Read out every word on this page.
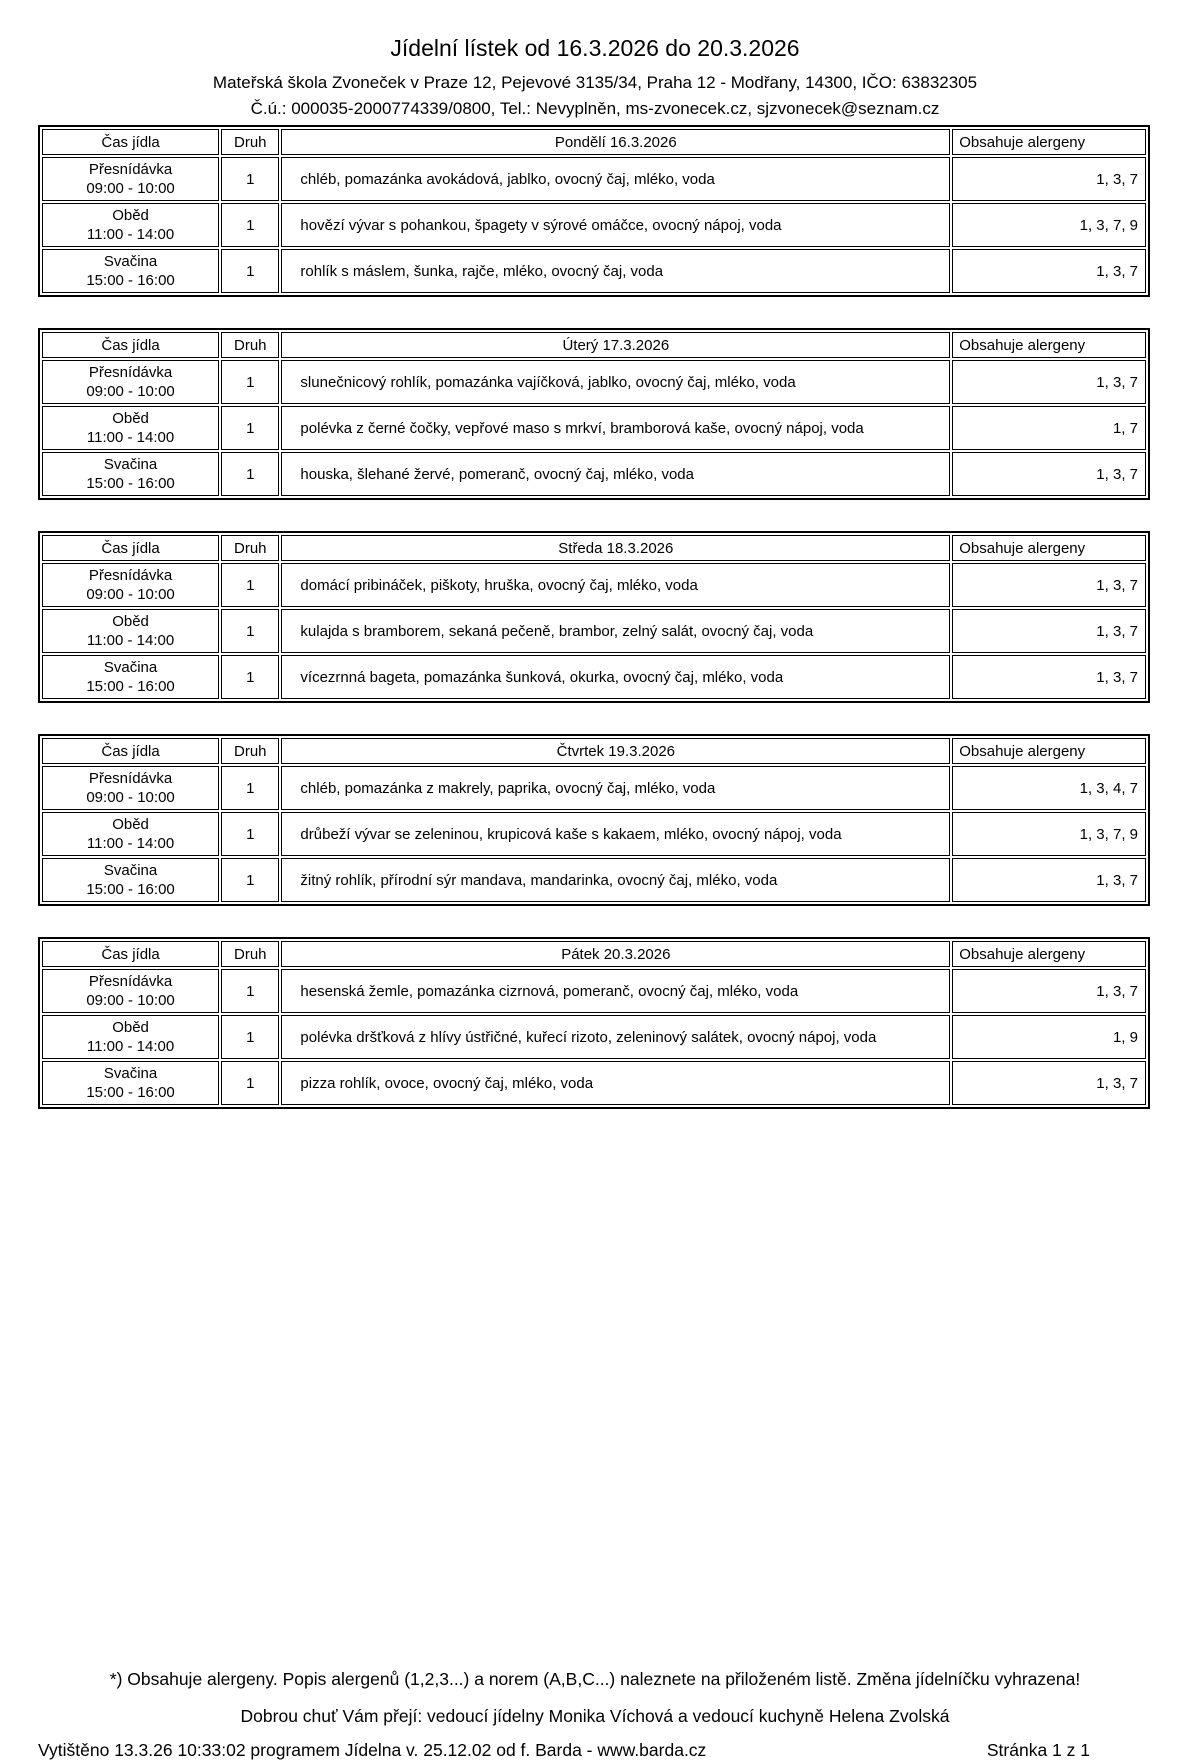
Jídelní lístek od 16.3.2026 do 20.3.2026

Mateřská škola Zvoneček v Praze 12, Pejevové 3135/34, Praha 12 - Modřany, 14300, IČO: 63832305

Č.ú.: 000035-2000774339/0800, Tel.: Nevyplněn, ms-zvonecek.cz, sjzvonecek@seznam.cz

Čas jídla	Druh	Pondělí 16.3.2026	Obsahuje alergeny

Přesnídávka
09:00 - 10:00	1	chléb, pomazánka avokádová, jablko, ovocný čaj, mléko, voda	1, 3, 7

Oběd
11:00 - 14:00	1	hovězí vývar s pohankou, špagety v sýrové omáčce, ovocný nápoj, voda	1, 3, 7, 9

Svačina
15:00 - 16:00	1	rohlík s máslem, šunka, rajče, mléko, ovocný čaj, voda	1, 3, 7
Čas jídla	Druh	Úterý 17.3.2026	Obsahuje alergeny

Přesnídávka
09:00 - 10:00	1	slunečnicový rohlík, pomazánka vajíčková, jablko, ovocný čaj, mléko, voda	1, 3, 7

Oběd
11:00 - 14:00	1	polévka z černé čočky, vepřové maso s mrkví, bramborová kaše, ovocný nápoj, voda	1, 7

Svačina
15:00 - 16:00	1	houska, šlehané žervé, pomeranč, ovocný čaj, mléko, voda	1, 3, 7
Čas jídla	Druh	Středa 18.3.2026	Obsahuje alergeny

Přesnídávka
09:00 - 10:00	1	domácí pribináček, piškoty, hruška, ovocný čaj, mléko, voda	1, 3, 7

Oběd
11:00 - 14:00	1	kulajda s bramborem, sekaná pečeně, brambor, zelný salát, ovocný čaj, voda	1, 3, 7

Svačina
15:00 - 16:00	1	vícezrnná bageta, pomazánka šunková, okurka, ovocný čaj, mléko, voda	1, 3, 7
Čas jídla	Druh	Čtvrtek 19.3.2026	Obsahuje alergeny

Přesnídávka
09:00 - 10:00	1	chléb, pomazánka z makrely, paprika, ovocný čaj, mléko, voda	1, 3, 4, 7

Oběd
11:00 - 14:00	1	drůbeží vývar se zeleninou, krupicová kaše s kakaem, mléko, ovocný nápoj, voda	1, 3, 7, 9

Svačina
15:00 - 16:00	1	žitný rohlík, přírodní sýr mandava, mandarinka, ovocný čaj, mléko, voda	1, 3, 7
Čas jídla	Druh	Pátek 20.3.2026	Obsahuje alergeny

Přesnídávka
09:00 - 10:00	1	hesenská žemle, pomazánka cizrnová, pomeranč, ovocný čaj, mléko, voda	1, 3, 7

Oběd
11:00 - 14:00	1	polévka dršťková z hlívy ústřičné, kuřecí rizoto, zeleninový salátek, ovocný nápoj, voda	1, 9

Svačina
15:00 - 16:00	1	pizza rohlík, ovoce, ovocný čaj, mléko, voda	1, 3, 7
*) Obsahuje alergeny. Popis alergenů (1,2,3...) a norem (A,B,C...) naleznete na přiloženém listě. Změna jídelníčku vyhrazena!
Dobrou chuť Vám přejí: vedoucí jídelny Monika Víchová a vedoucí kuchyně Helena Zvolská
Vytištěno 13.3.26 10:33:02 programem Jídelna v. 25.12.02 od f. Barda - www.barda.cz	Stránka 1 z 1
